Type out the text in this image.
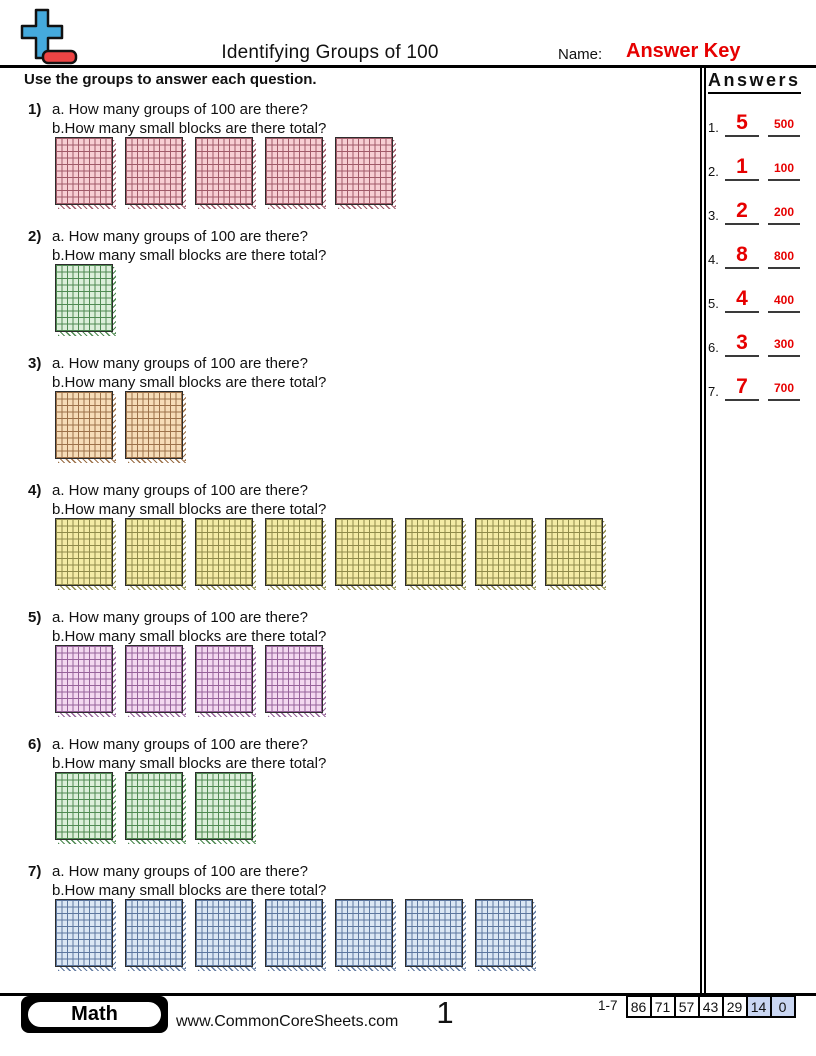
Identifying Groups of 100	Name: Answer Key
Use the groups to answer each question.	Answers
1. 5	500
2. 1	100
3. 2	200
4. 8	800
5. 4	400
6. 3	300
7. 7	700
1) a. How many groups of 100 are there?
b.How many small blocks are there total?
2) a. How many groups of 100 are there?
b.How many small blocks are there total?
3) a. How many groups of 100 are there?
b.How many small blocks are there total?
4) a. How many groups of 100 are there?
b.How many small blocks are there total?
5) a. How many groups of 100 are there?
b.How many small blocks are there total?
6) a. How many groups of 100 are there?
b.How many small blocks are there total?
7) a. How many groups of 100 are there?
b.How many small blocks are there total?
Math	www.CommonCoreSheets.com	1	1-7 86 71 57 43 29 14 0
